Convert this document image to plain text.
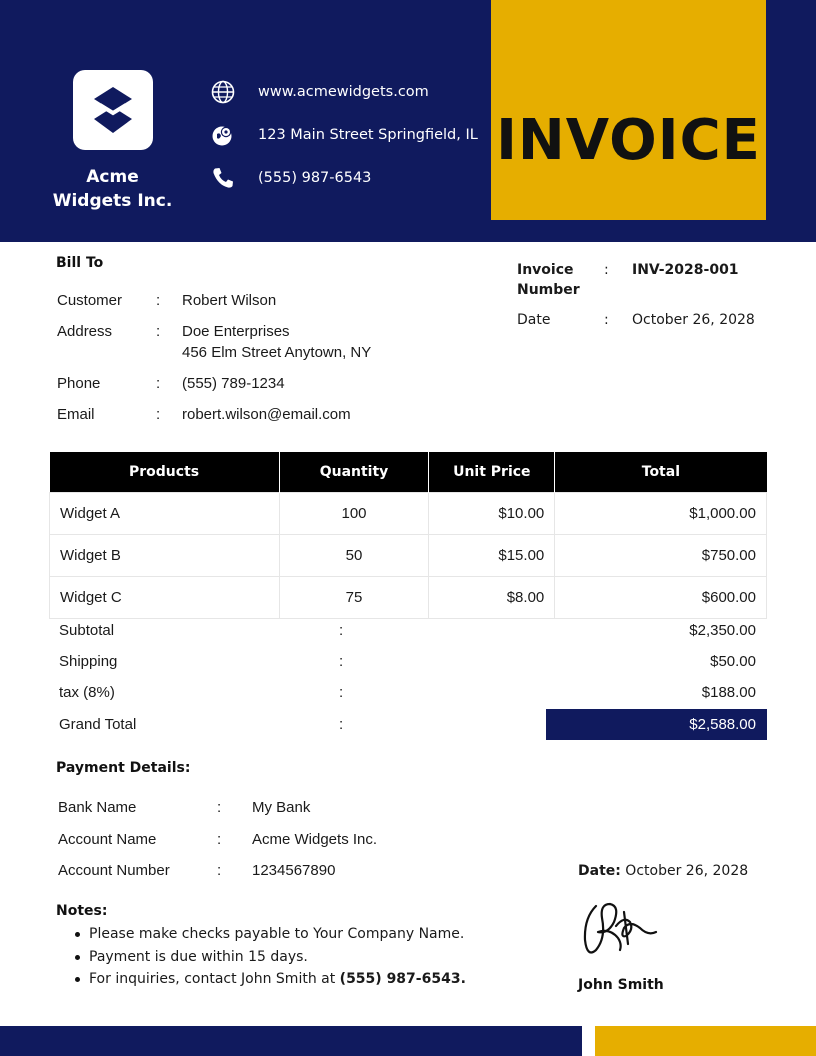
Acme
Widgets Inc.
www.acmewidgets.com
123 Main Street Springfield, IL
(555) 987-6543
INVOICE
Bill To
Customer : Robert Wilson
Address	: Doe Enterprises
456 Elm Street Anytown, NY
Phone	: (555) 789-1234
Email	: robert.wilson@email.com
Invoice
Number
: INV-2028-001
Date	: October 26, 2028
Products	Quantity	Unit Price	Total
Widget A	100	$10.00	$1,000.00
Widget B	50	$15.00	$750.00
Widget C	75	$8.00	$600.00
Subtotal	:	$2,350.00
Shipping	:	$50.00
tax (8%)	:	$188.00
Grand Total	:	$2,588.00
Payment Details:
Bank Name	: My Bank
Account Name	: Acme Widgets Inc.
Account Number	: 1234567890
Notes:
Please make checks payable to Your Company Name.
Payment is due within 15 days.
For inquiries, contact John Smith at (555) 987-6543.
Date: October 26, 2028
John Smith
